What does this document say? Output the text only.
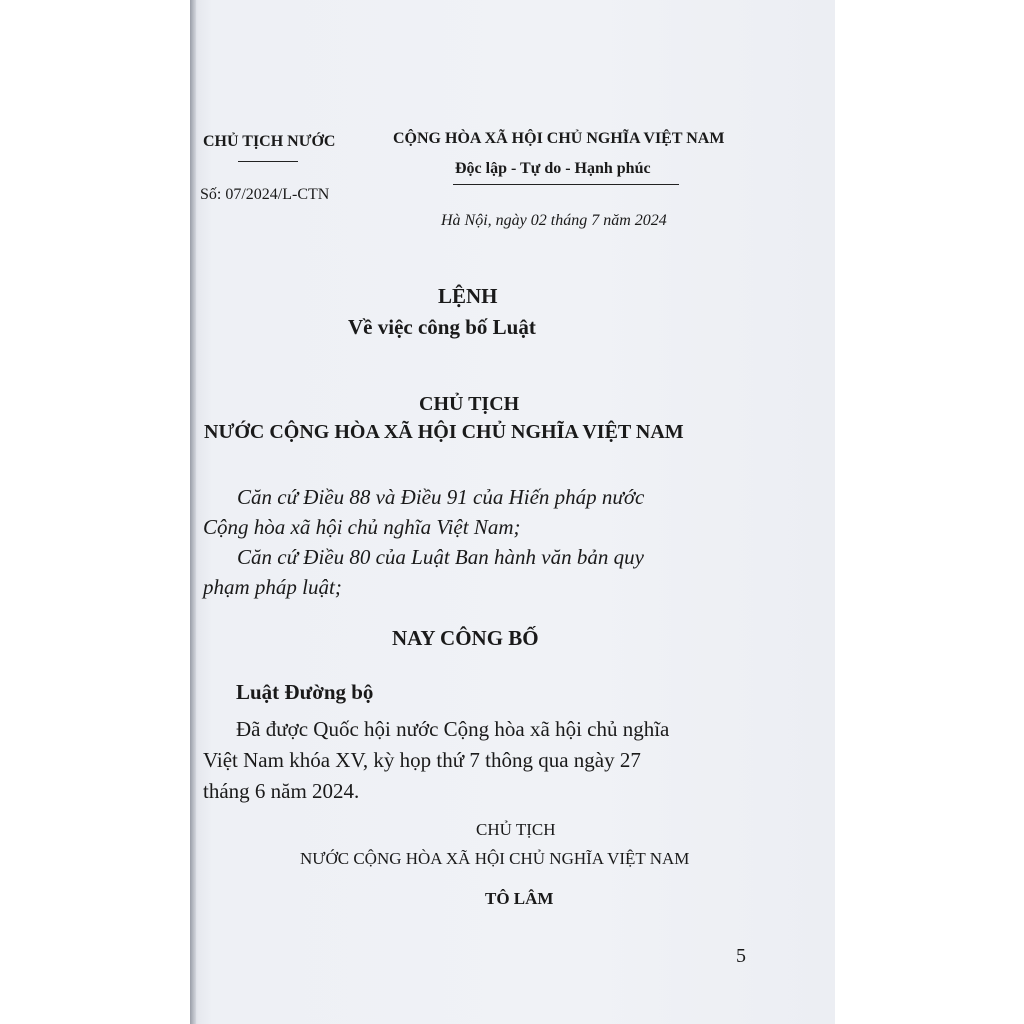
CHỦ TỊCH NƯỚC
Số: 07/2024/L-CTN
CỘNG HÒA XÃ HỘI CHỦ NGHĨA VIỆT NAM
Độc lập - Tự do - Hạnh phúc
Hà Nội, ngày 02 tháng 7 năm 2024
LỆNH
Về việc công bố Luật
CHỦ TỊCH
NƯỚC CỘNG HÒA XÃ HỘI CHỦ NGHĨA VIỆT NAM
Căn cứ Điều 88 và Điều 91 của Hiến pháp nước
Cộng hòa xã hội chủ nghĩa Việt Nam;
Căn cứ Điều 80 của Luật Ban hành văn bản quy
phạm pháp luật;
NAY CÔNG BỐ
Luật Đường bộ
Đã được Quốc hội nước Cộng hòa xã hội chủ nghĩa
Việt Nam khóa XV, kỳ họp thứ 7 thông qua ngày 27
tháng 6 năm 2024.
CHỦ TỊCH
NƯỚC CỘNG HÒA XÃ HỘI CHỦ NGHĨA VIỆT NAM
TÔ LÂM
5
